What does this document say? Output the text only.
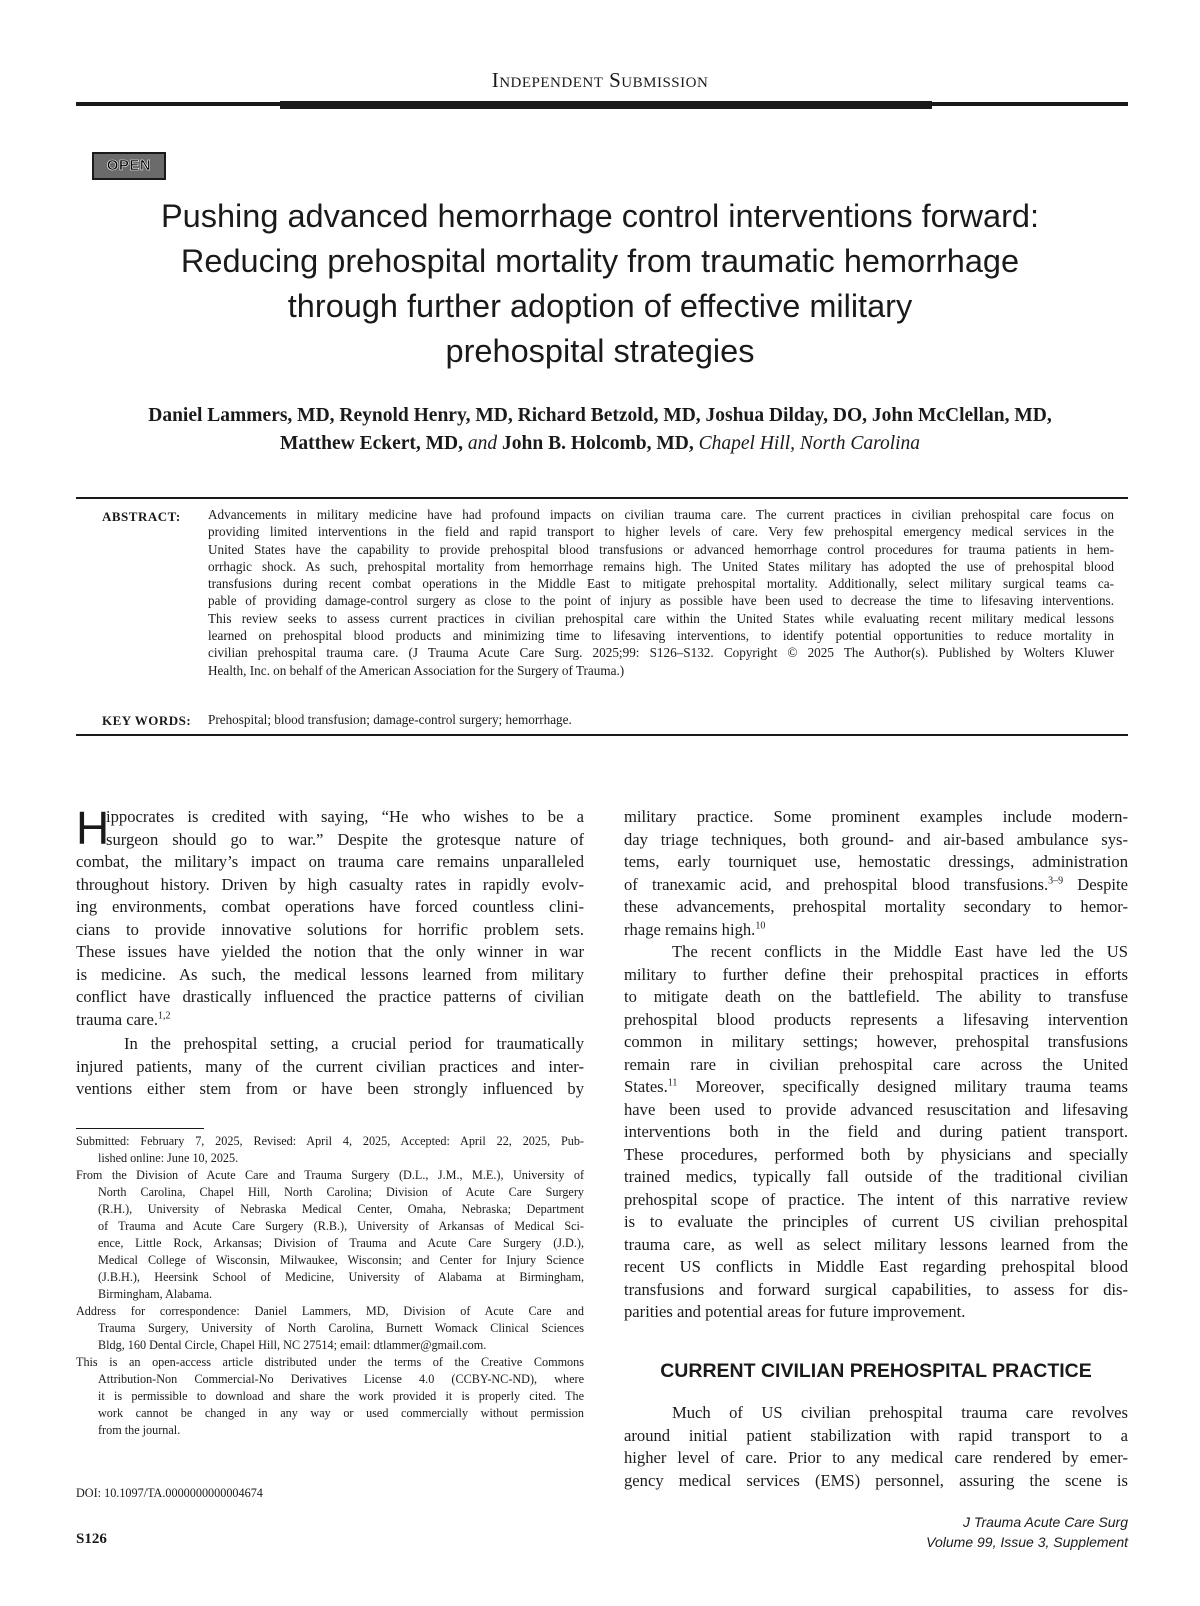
Independent Submission
OPEN
Pushing advanced hemorrhage control interventions forward:
Reducing prehospital mortality from traumatic hemorrhage
through further adoption of effective military
prehospital strategies
Daniel Lammers, MD, Reynold Henry, MD, Richard Betzold, MD, Joshua Dilday, DO, John McClellan, MD,
Matthew Eckert, MD, and John B. Holcomb, MD, Chapel Hill, North Carolina
ABSTRACT: Advancements in military medicine have had profound impacts on civilian trauma care. The current practices in civilian prehospital care focus on
providing limited interventions in the field and rapid transport to higher levels of care. Very few prehospital emergency medical services in the
United States have the capability to provide prehospital blood transfusions or advanced hemorrhage control procedures for trauma patients in hem-
orrhagic shock. As such, prehospital mortality from hemorrhage remains high. The United States military has adopted the use of prehospital blood
transfusions during recent combat operations in the Middle East to mitigate prehospital mortality. Additionally, select military surgical teams ca-
pable of providing damage-control surgery as close to the point of injury as possible have been used to decrease the time to lifesaving interventions.
This review seeks to assess current practices in civilian prehospital care within the United States while evaluating recent military medical lessons
learned on prehospital blood products and minimizing time to lifesaving interventions, to identify potential opportunities to reduce mortality in
civilian prehospital trauma care. (J Trauma Acute Care Surg. 2025;99: S126–S132. Copyright © 2025 The Author(s). Published by Wolters Kluwer
Health, Inc. on behalf of the American Association for the Surgery of Trauma.)
KEY WORDS: Prehospital; blood transfusion; damage-control surgery; hemorrhage.
H
ippocrates is credited with saying, “He who wishes to be a
surgeon should go to war.” Despite the grotesque nature of
combat, the military’s impact on trauma care remains unparalleled
throughout history. Driven by high casualty rates in rapidly evolv-
ing environments, combat operations have forced countless clini-
cians to provide innovative solutions for horrific problem sets.
These issues have yielded the notion that the only winner in war
is medicine. As such, the medical lessons learned from military
conflict have drastically influenced the practice patterns of civilian
trauma care.$^{1,2}$
In the prehospital setting, a crucial period for traumatically
injured patients, many of the current civilian practices and inter-
ventions either stem from or have been strongly influenced by
Submitted: February 7, 2025, Revised: April 4, 2025, Accepted: April 22, 2025, Pub-
lished online: June 10, 2025.
From the Division of Acute Care and Trauma Surgery (D.L., J.M., M.E.), University of
North Carolina, Chapel Hill, North Carolina; Division of Acute Care Surgery
(R.H.), University of Nebraska Medical Center, Omaha, Nebraska; Department
of Trauma and Acute Care Surgery (R.B.), University of Arkansas of Medical Sci-
ence, Little Rock, Arkansas; Division of Trauma and Acute Care Surgery (J.D.),
Medical College of Wisconsin, Milwaukee, Wisconsin; and Center for Injury Science
(J.B.H.), Heersink School of Medicine, University of Alabama at Birmingham,
Birmingham, Alabama.
Address for correspondence: Daniel Lammers, MD, Division of Acute Care and
Trauma Surgery, University of North Carolina, Burnett Womack Clinical Sciences
Bldg, 160 Dental Circle, Chapel Hill, NC 27514; email: dtlammer@gmail.com.
This is an open-access article distributed under the terms of the Creative Commons
Attribution-Non Commercial-No Derivatives License 4.0 (CCBY-NC-ND), where
it is permissible to download and share the work provided it is properly cited. The
work cannot be changed in any way or used commercially without permission
from the journal.
DOI: 10.1097/TA.0000000000004674
military practice. Some prominent examples include modern-
day triage techniques, both ground- and air-based ambulance sys-
tems, early tourniquet use, hemostatic dressings, administration
of tranexamic acid, and prehospital blood transfusions.$^{3-9}$ Despite
these advancements, prehospital mortality secondary to hemor-
rhage remains high.$^{10}$
The recent conflicts in the Middle East have led the US
military to further define their prehospital practices in efforts
to mitigate death on the battlefield. The ability to transfuse
prehospital blood products represents a lifesaving intervention
common in military settings; however, prehospital transfusions
remain rare in civilian prehospital care across the United
States.$^{11}$ Moreover, specifically designed military trauma teams
have been used to provide advanced resuscitation and lifesaving
interventions both in the field and during patient transport.
These procedures, performed both by physicians and specially
trained medics, typically fall outside of the traditional civilian
prehospital scope of practice. The intent of this narrative review
is to evaluate the principles of current US civilian prehospital
trauma care, as well as select military lessons learned from the
recent US conflicts in Middle East regarding prehospital blood
transfusions and forward surgical capabilities, to assess for dis-
parities and potential areas for future improvement.
CURRENT CIVILIAN PREHOSPITAL PRACTICE
Much of US civilian prehospital trauma care revolves
around initial patient stabilization with rapid transport to a
higher level of care. Prior to any medical care rendered by emer-
gency medical services (EMS) personnel, assuring the scene is
S126
J Trauma Acute Care Surg
Volume 99, Issue 3, Supplement
